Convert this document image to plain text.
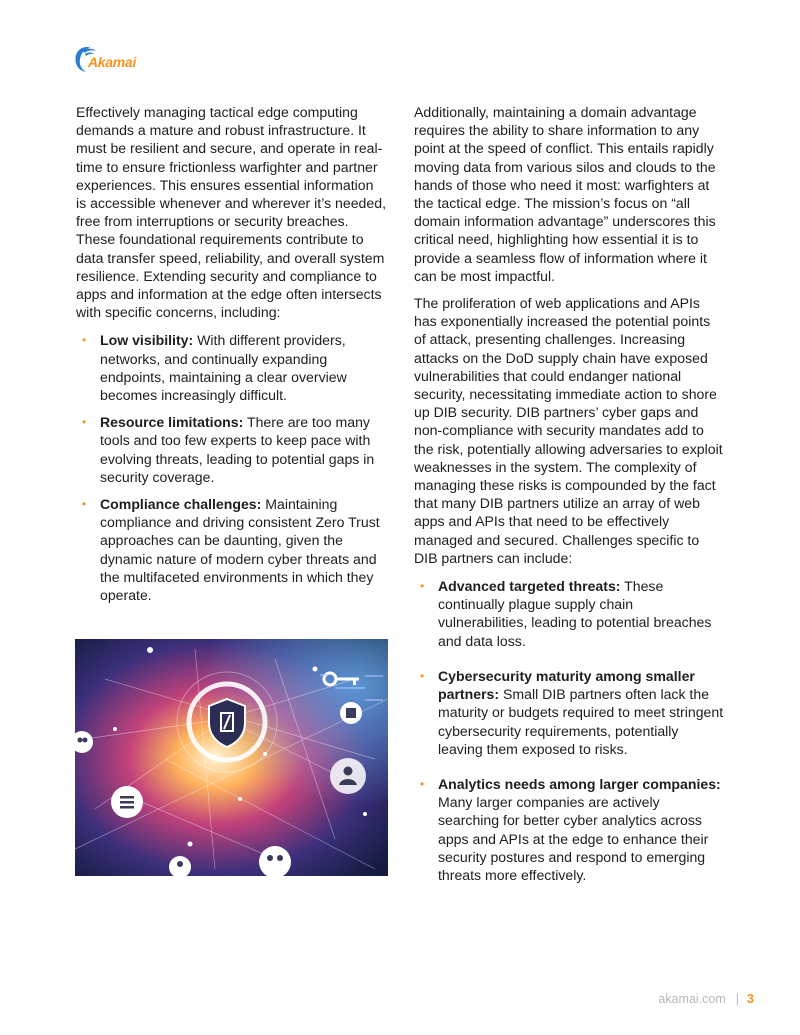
Akamai

Effectively managing tactical edge computing demands a mature and robust infrastructure. It must be resilient and secure, and operate in real-time to ensure frictionless warfighter and partner experiences. This ensures essential information is accessible whenever and wherever it’s needed, free from interruptions or security breaches. These foundational requirements contribute to data transfer speed, reliability, and overall system resilience. Extending security and compliance to apps and information at the edge often intersects with specific concerns, including:

• Low visibility: With different providers, networks, and continually expanding endpoints, maintaining a clear overview becomes increasingly difficult.
• Resource limitations: There are too many tools and too few experts to keep pace with evolving threats, leading to potential gaps in security coverage.
• Compliance challenges: Maintaining compliance and driving consistent Zero Trust approaches can be daunting, given the dynamic nature of modern cyber threats and the multifaceted environments in which they operate.

Additionally, maintaining a domain advantage requires the ability to share information to any point at the speed of conflict. This entails rapidly moving data from various silos and clouds to the hands of those who need it most: warfighters at the tactical edge. The mission’s focus on “all domain information advantage” underscores this critical need, highlighting how essential it is to provide a seamless flow of information where it can be most impactful.

The proliferation of web applications and APIs has exponentially increased the potential points of attack, presenting challenges. Increasing attacks on the DoD supply chain have exposed vulnerabilities that could endanger national security, necessitating immediate action to shore up DIB security. DIB partners’ cyber gaps and non-compliance with security mandates add to the risk, potentially allowing adversaries to exploit weaknesses in the system. The complexity of managing these risks is compounded by the fact that many DIB partners utilize an array of web apps and APIs that need to be effectively managed and secured. Challenges specific to DIB partners can include:

• Advanced targeted threats: These continually plague supply chain vulnerabilities, leading to potential breaches and data loss.
• Cybersecurity maturity among smaller partners: Small DIB partners often lack the maturity or budgets required to meet stringent cybersecurity requirements, potentially leaving them exposed to risks.
• Analytics needs among larger companies: Many larger companies are actively searching for better cyber analytics across apps and APIs at the edge to enhance their security postures and respond to emerging threats more effectively.
akamai.com | 3
